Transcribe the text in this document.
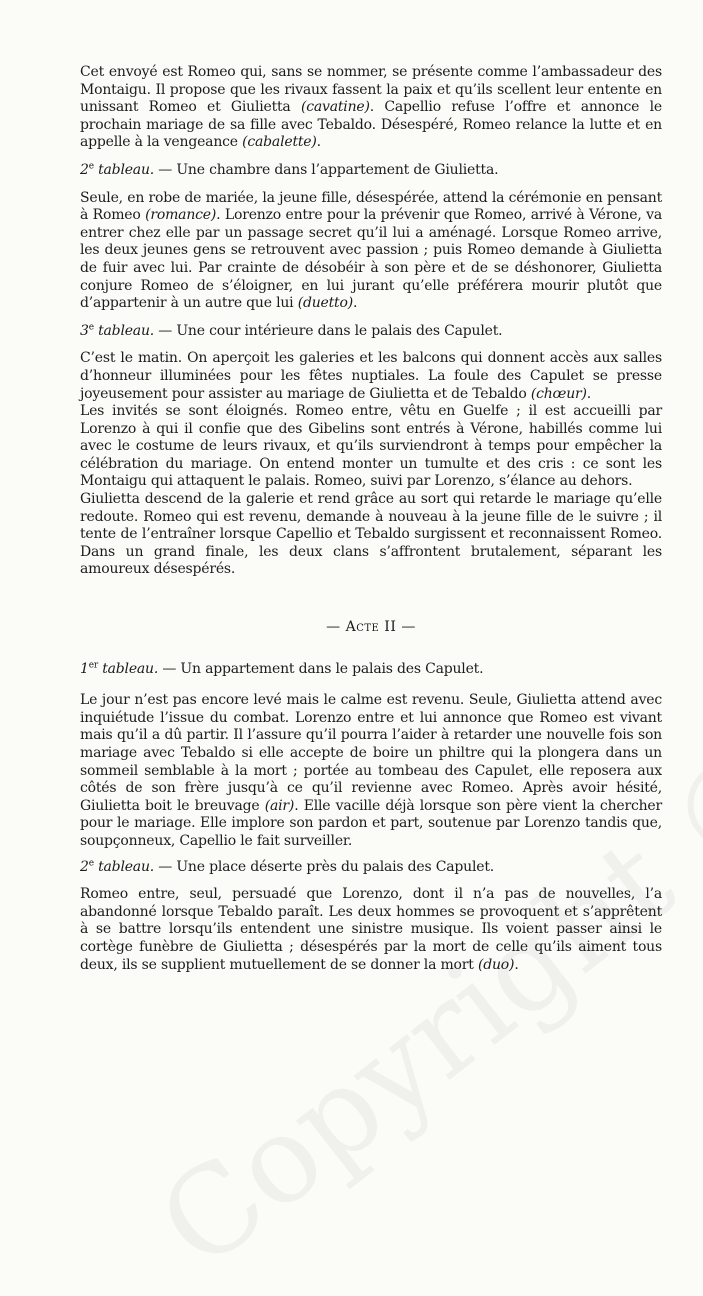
Cet envoyé est Romeo qui, sans se nommer, se présente comme l’ambassadeur des Montaigu. Il propose que les rivaux fassent la paix et qu’ils scellent leur entente en unissant Romeo et Giulietta (cavatine). Capellio refuse l’offre et annonce le prochain mariage de sa fille avec Tebaldo. Désespéré, Romeo relance la lutte et en appelle à la vengeance (cabalette).

2e tableau. — Une chambre dans l’appartement de Giulietta.

Seule, en robe de mariée, la jeune fille, désespérée, attend la cérémonie en pensant à Romeo (romance). Lorenzo entre pour la prévenir que Romeo, arrivé à Vérone, va entrer chez elle par un passage secret qu’il lui a aménagé. Lorsque Romeo arrive, les deux jeunes gens se retrouvent avec passion ; puis Romeo demande à Giulietta de fuir avec lui. Par crainte de désobéir à son père et de se déshonorer, Giulietta conjure Romeo de s’éloigner, en lui jurant qu’elle préférera mourir plutôt que d’appartenir à un autre que lui (duetto).

3e tableau. — Une cour intérieure dans le palais des Capulet.

C’est le matin. On aperçoit les galeries et les balcons qui donnent accès aux salles d’honneur illuminées pour les fêtes nuptiales. La foule des Capulet se presse joyeusement pour assister au mariage de Giulietta et de Tebaldo (chœur).

Les invités se sont éloignés. Romeo entre, vêtu en Guelfe ; il est accueilli par Lorenzo à qui il confie que des Gibelins sont entrés à Vérone, habillés comme lui avec le costume de leurs rivaux, et qu’ils surviendront à temps pour empêcher la célébration du mariage. On entend monter un tumulte et des cris : ce sont les Montaigu qui attaquent le palais. Romeo, suivi par Lorenzo, s’élance au dehors.

Giulietta descend de la galerie et rend grâce au sort qui retarde le mariage qu’elle redoute. Romeo qui est revenu, demande à nouveau à la jeune fille de le suivre ; il tente de l’entraîner lorsque Capellio et Tebaldo surgissent et reconnaissent Romeo. Dans un grand finale, les deux clans s’affrontent brutalement, séparant les amoureux désespérés.

— Acte II —

1er tableau. — Un appartement dans le palais des Capulet.

Le jour n’est pas encore levé mais le calme est revenu. Seule, Giulietta attend avec inquiétude l’issue du combat. Lorenzo entre et lui annonce que Romeo est vivant mais qu’il a dû partir. Il l’assure qu’il pourra l’aider à retarder une nouvelle fois son mariage avec Tebaldo si elle accepte de boire un philtre qui la plongera dans un sommeil semblable à la mort ; portée au tombeau des Capulet, elle reposera aux côtés de son frère jusqu’à ce qu’il revienne avec Romeo. Après avoir hésité, Giulietta boit le breuvage (air). Elle vacille déjà lorsque son père vient la chercher pour le mariage. Elle implore son pardon et part, soutenue par Lorenzo tandis que, soupçonneux, Capellio le fait surveiller.

2e tableau. — Une place déserte près du palais des Capulet.

Romeo entre, seul, persuadé que Lorenzo, dont il n’a pas de nouvelles, l’a abandonné lorsque Tebaldo paraît. Les deux hommes se provoquent et s’apprêtent à se battre lorsqu’ils entendent une sinistre musique. Ils voient passer ainsi le cortège funèbre de Giulietta ; désespérés par la mort de celle qu’ils aiment tous deux, ils se supplient mutuellement de se donner la mort (duo).
